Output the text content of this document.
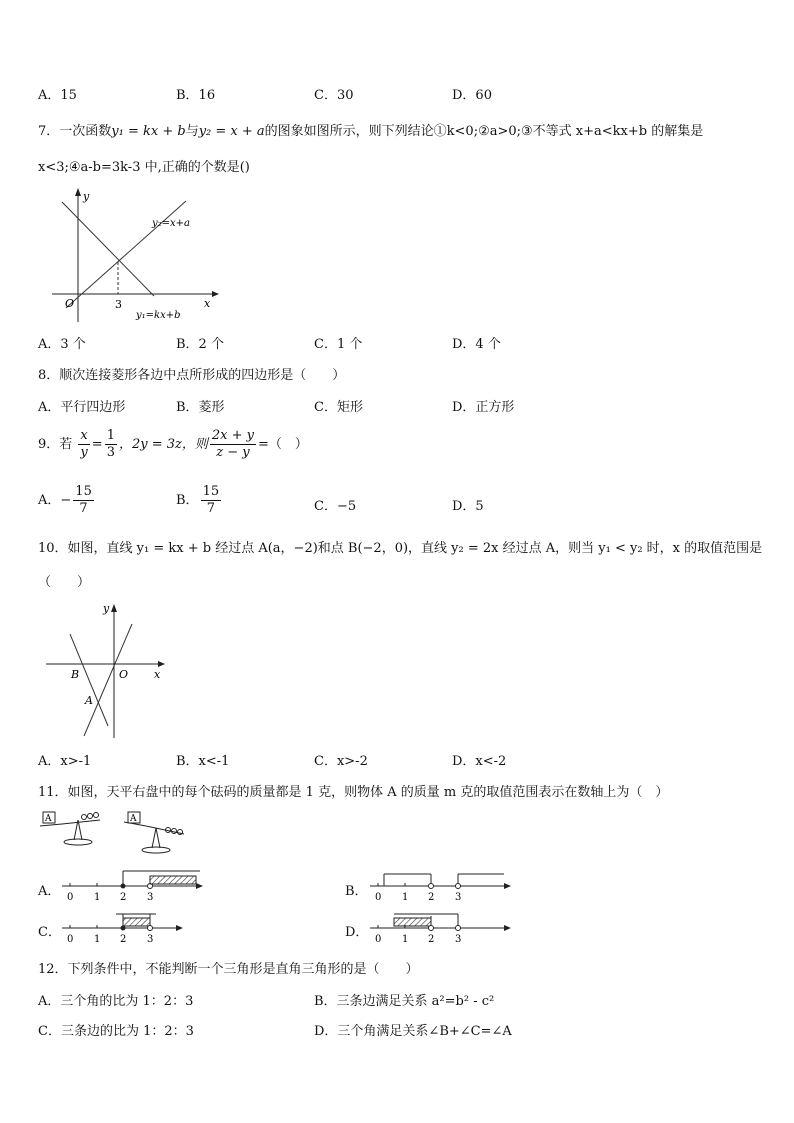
A．15	B．16	C．30	D．60
7．一次函数y₁ = kx + b与y₂ = x + a的图象如图所示，则下列结论①k<0;②a>0;③不等式 x+a<kx+b 的解集是
x<3;④a-b=3k-3 中,正确的个数是()
y
x
O	3
y₂=x+a
y₁=kx+b
A．3 个	B．2 个	C．1 个	D．4 个
8．顺次连接菱形各边中点所形成的四边形是（　　）
A．平行四边形	B．菱形	C．矩形	D．正方形
9．若 $\frac{x}{y} = \frac{1}{3}$ ，2y = 3z，则 $\frac{2x + y}{z - y}$ =（　）
A．− $\frac{15}{7}$	B． $\frac{15}{7}$	C．−5	D．5
10．如图，直线 y₁ = kx + b 经过点 A(a，−2)和点 B(−2，0)，直线 y₂ = 2x 经过点 A，则当 y₁ < y₂ 时，x 的取值范围是
（　　）
y
x
B	O
A
A．x>-1	B．x<-1	C．x>-2	D．x<-2
11．如图，天平右盘中的每个砝码的质量都是 1 克，则物体 A 的质量 m 克的取值范围表示在数轴上为（　）
A	A
A． 0 1 2 3	B． 0 1 2 3
C． 0 1 2 3	D． 0 1 2 3
12．下列条件中，不能判断一个三角形是直角三角形的是（　　）
A．三个角的比为 1：2：3	B．三条边满足关系 a²=b² - c²
C．三条边的比为 1：2：3	D．三个角满足关系∠B+∠C=∠A
